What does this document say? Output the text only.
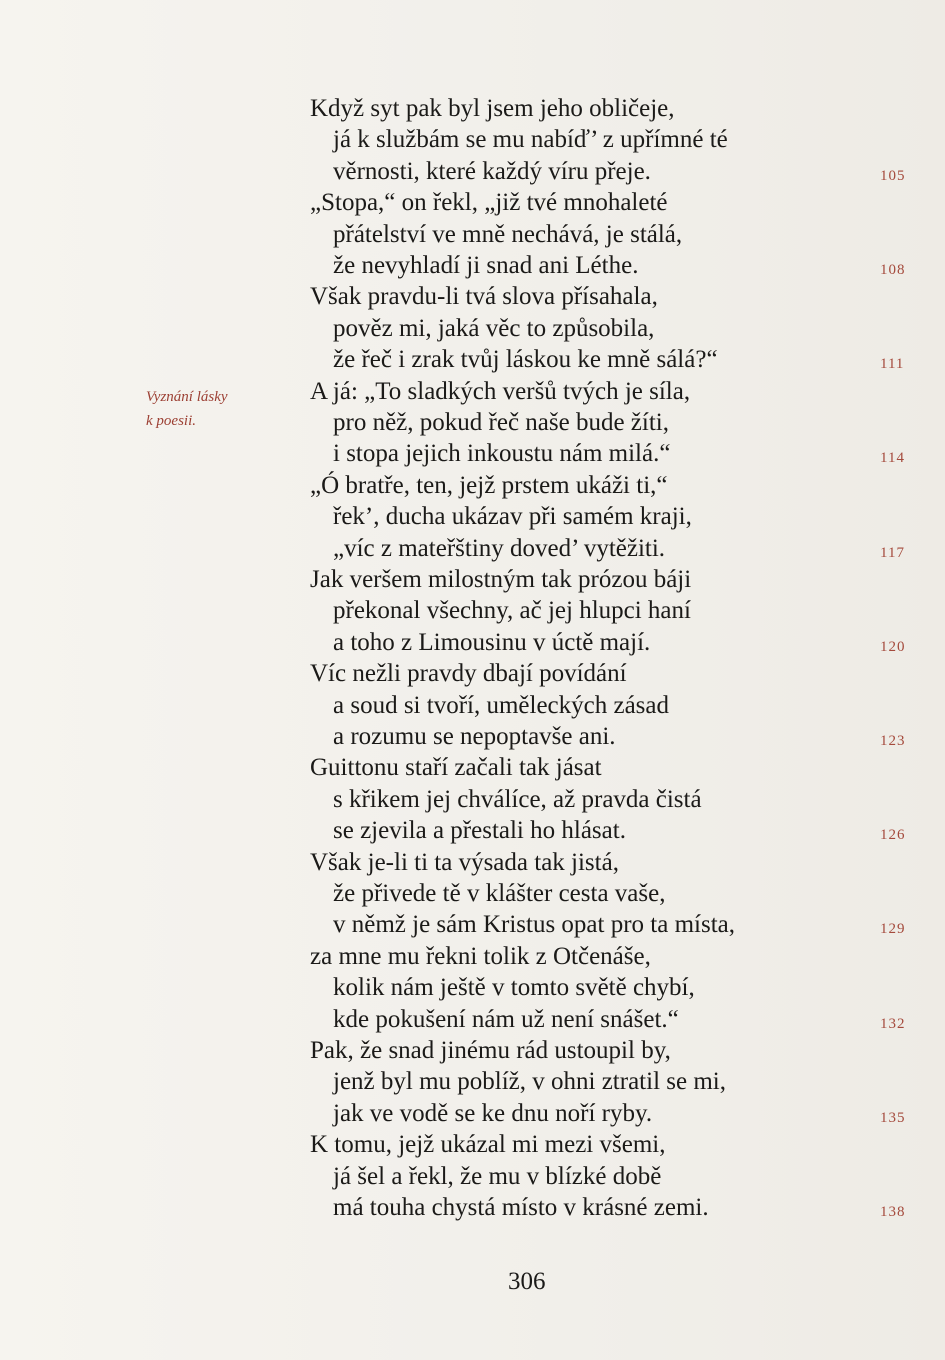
Vyznání lásky
k poesii.
Když syt pak byl jsem jeho obličeje,
já k službám se mu nabíď’ z upřímné té
věrnosti, které každý víru přeje.
„Stopa,“ on řekl, „již tvé mnohaleté
přátelství ve mně nechává, je stálá,
že nevyhladí ji snad ani Léthe.
Však pravdu-li tvá slova přísahala,
pověz mi, jaká věc to způsobila,
že řeč i zrak tvůj láskou ke mně sálá?“
A já: „To sladkých veršů tvých je síla,
pro něž, pokud řeč naše bude žíti,
i stopa jejich inkoustu nám milá.“
„Ó bratře, ten, jejž prstem ukáži ti,“
řek’, ducha ukázav při samém kraji,
„víc z mateřštiny doved’ vytěžiti.
Jak veršem milostným tak prózou báji
překonal všechny, ač jej hlupci haní
a toho z Limousinu v úctě mají.
Víc nežli pravdy dbají povídání
a soud si tvoří, uměleckých zásad
a rozumu se nepoptavše ani.
Guittonu staří začali tak jásat
s křikem jej chválíce, až pravda čistá
se zjevila a přestali ho hlásat.
Však je-li ti ta výsada tak jistá,
že přivede tě v klášter cesta vaše,
v němž je sám Kristus opat pro ta místa,
za mne mu řekni tolik z Otčenáše,
kolik nám ještě v tomto světě chybí,
kde pokušení nám už není snášet.“
Pak, že snad jinému rád ustoupil by,
jenž byl mu poblíž, v ohni ztratil se mi,
jak ve vodě se ke dnu noří ryby.
K tomu, jejž ukázal mi mezi všemi,
já šel a řekl, že mu v blízké době
má touha chystá místo v krásné zemi.
105
108
111
114
117
120
123
126
129
132
135
138
306
